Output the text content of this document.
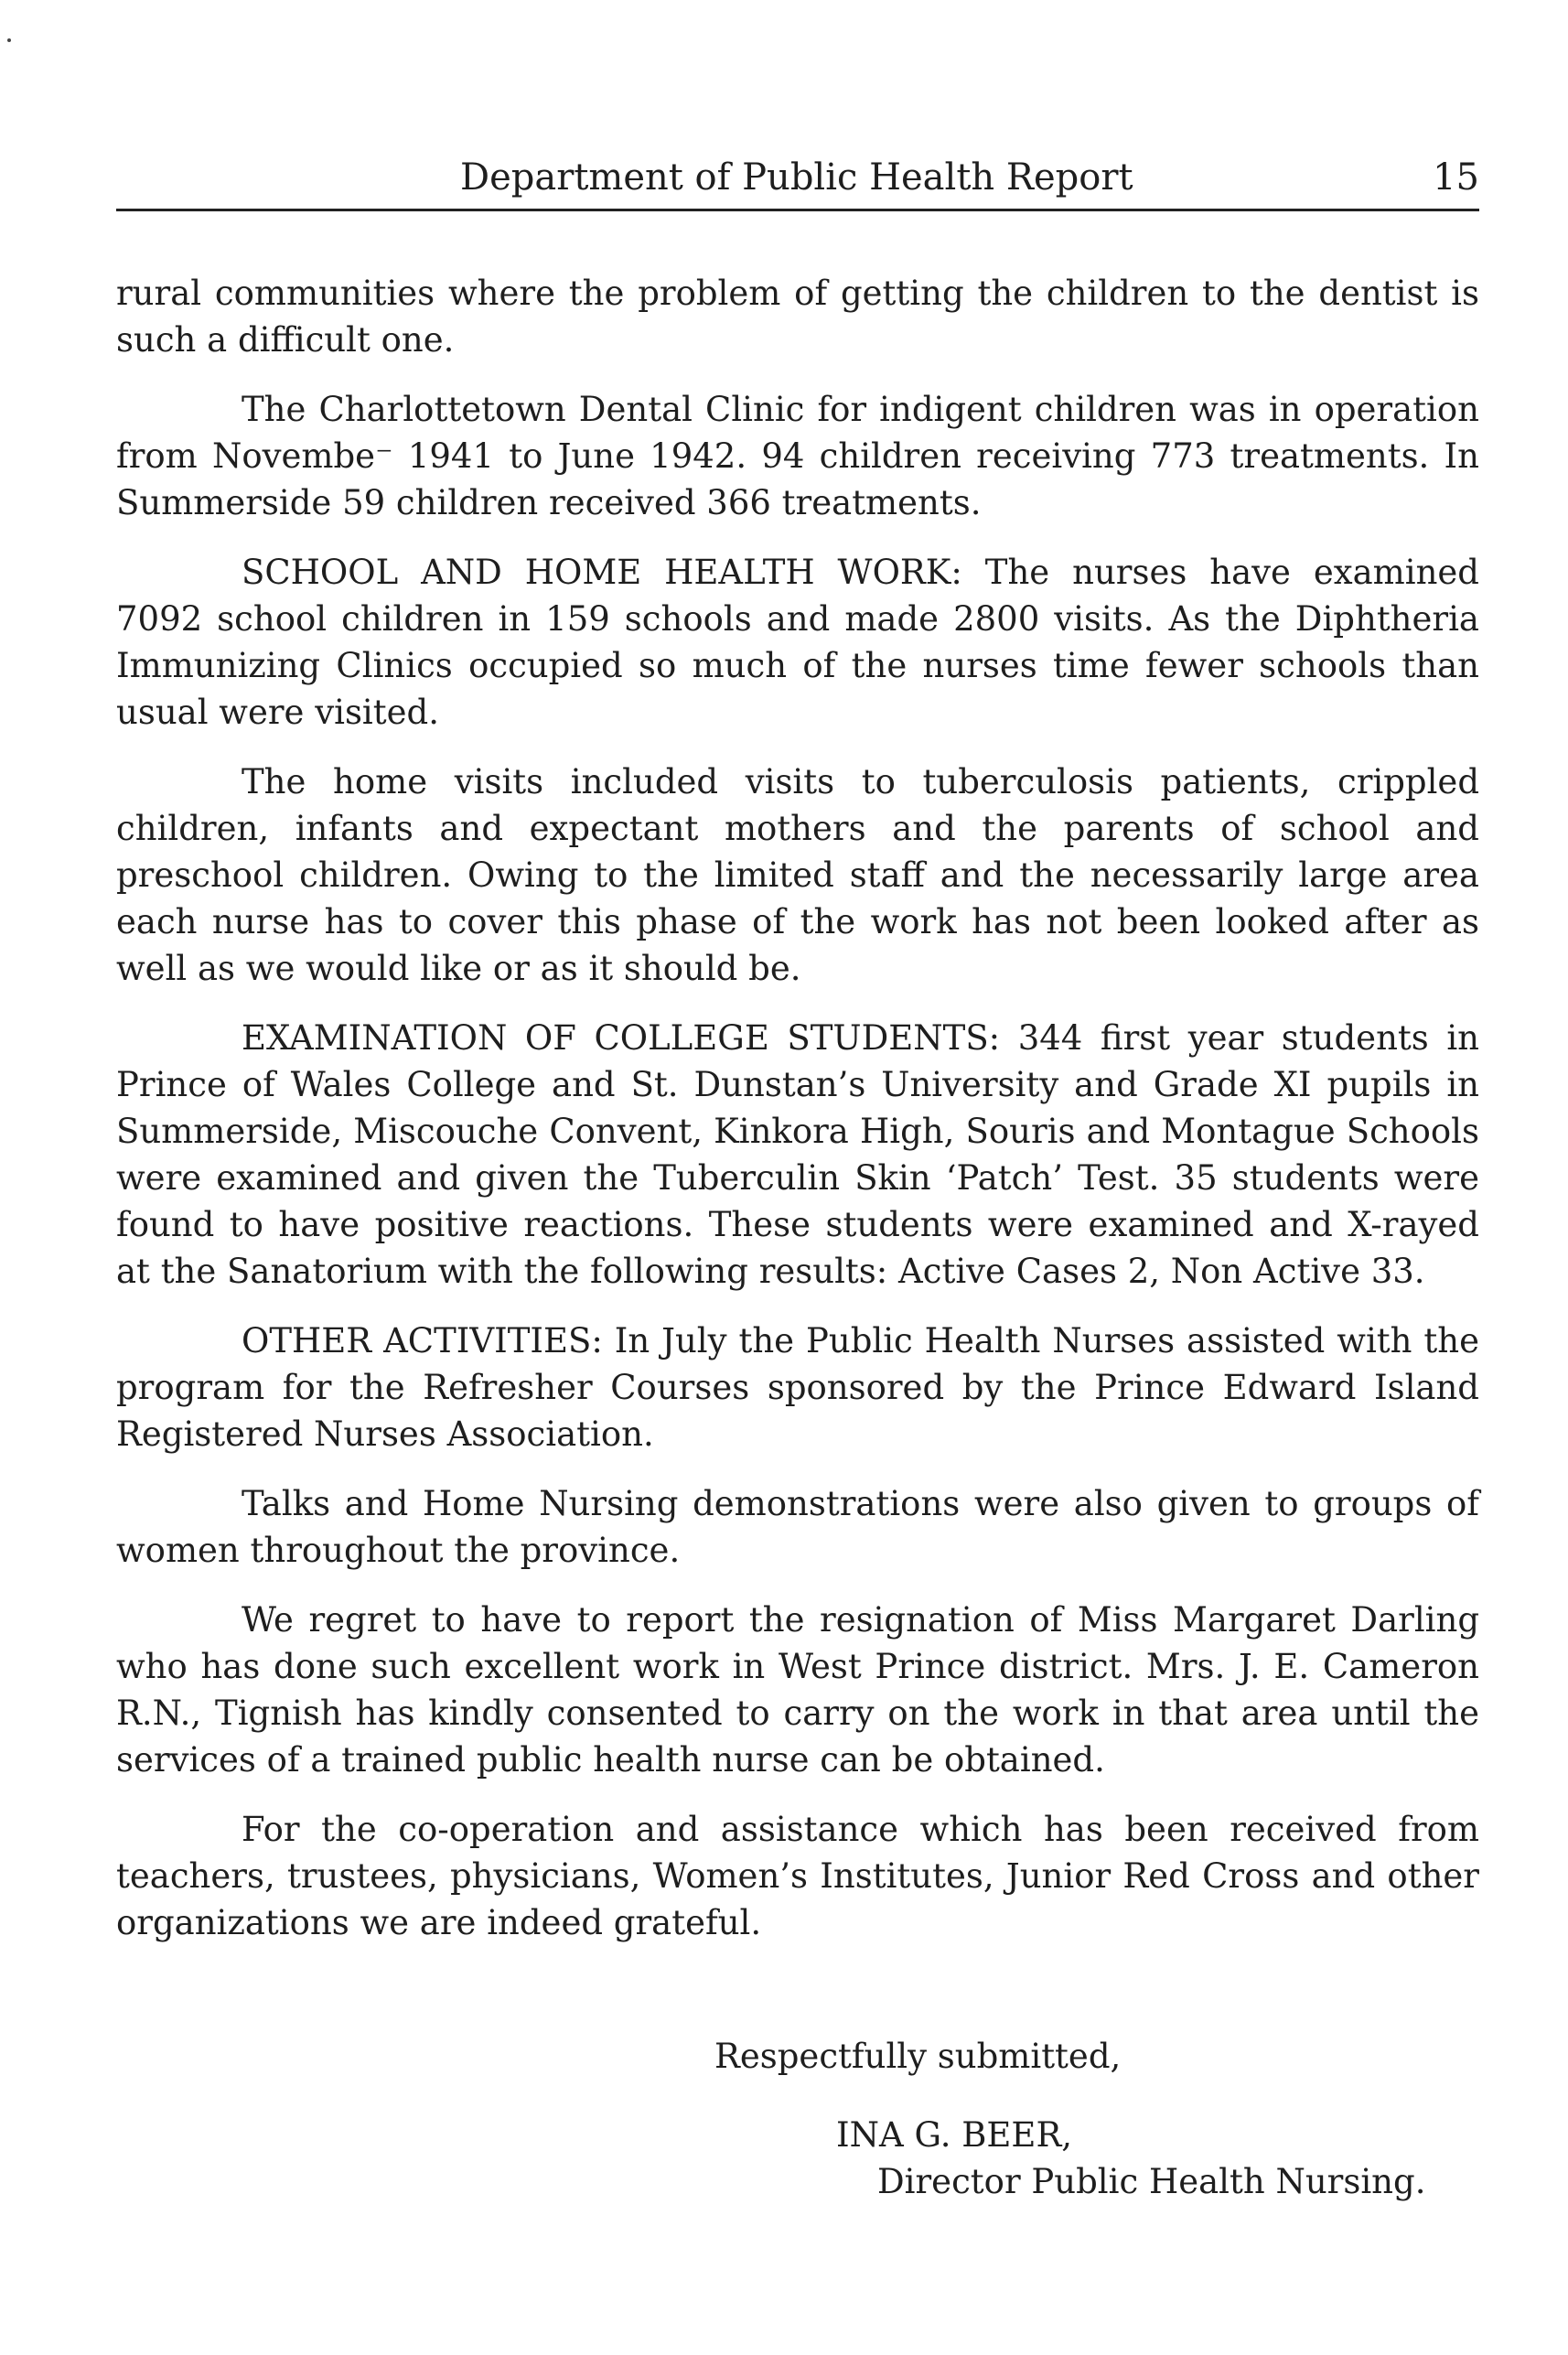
Department of Public Health Report	15

rural communities where the problem of getting the children to the dentist is such a difficult one.

The Charlottetown Dental Clinic for indigent children was in operation from Novembe⁻ 1941 to June 1942. 94 children receiving 773 treatments. In Summerside 59 children received 366 treatments.

SCHOOL AND HOME HEALTH WORK: The nurses have examined 7092 school children in 159 schools and made 2800 visits. As the Diphtheria Immunizing Clinics occupied so much of the nurses time fewer schools than usual were visited.

The home visits included visits to tuberculosis patients, crippled children, infants and expectant mothers and the parents of school and preschool children. Owing to the limited staff and the necessarily large area each nurse has to cover this phase of the work has not been looked after as well as we would like or as it should be.

EXAMINATION OF COLLEGE STUDENTS: 344 first year students in Prince of Wales College and St. Dunstan’s University and Grade XI pupils in Summerside, Miscouche Convent, Kinkora High, Souris and Montague Schools were examined and given the Tuberculin Skin ‘Patch’ Test. 35 students were found to have positive reactions. These students were examined and X-rayed at the Sanatorium with the following results: Active Cases 2, Non Active 33.

OTHER ACTIVITIES: In July the Public Health Nurses assisted with the program for the Refresher Courses sponsored by the Prince Edward Island Registered Nurses Association.

Talks and Home Nursing demonstrations were also given to groups of women throughout the province.

We regret to have to report the resignation of Miss Margaret Darling who has done such excellent work in West Prince district. Mrs. J. E. Cameron R.N., Tignish has kindly consented to carry on the work in that area until the services of a trained public health nurse can be obtained.

For the co-operation and assistance which has been received from teachers, trustees, physicians, Women’s Institutes, Junior Red Cross and other organizations we are indeed grateful.

Respectfully submitted,
INA G. BEER,
Director Public Health Nursing.
